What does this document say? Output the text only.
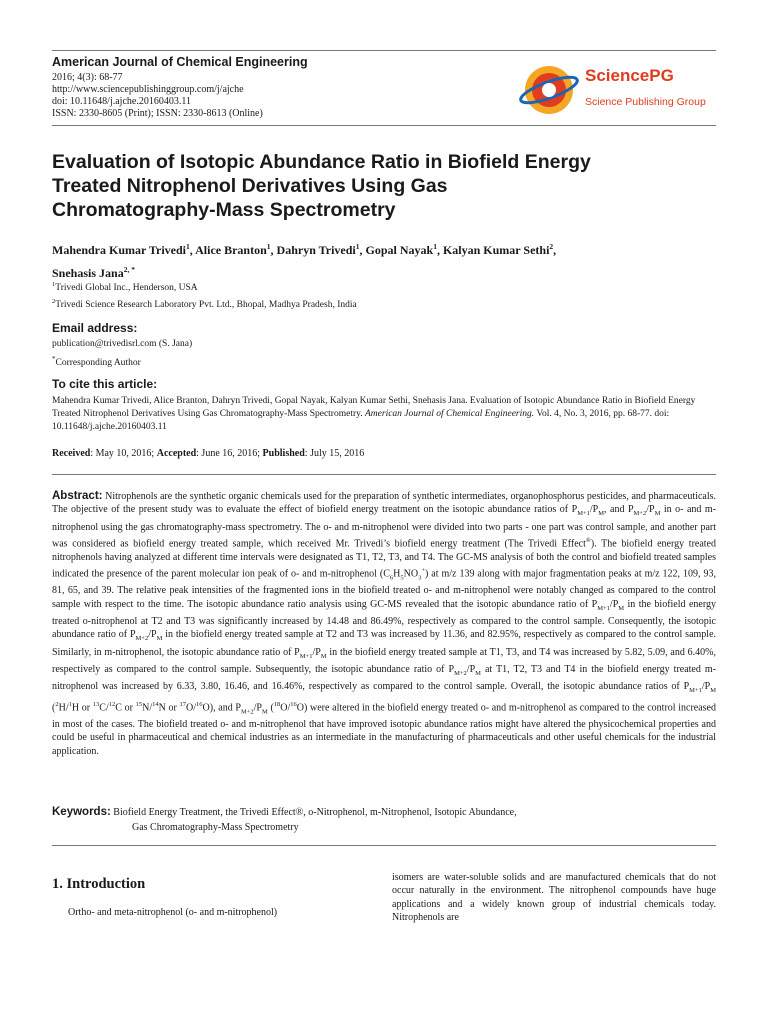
American Journal of Chemical Engineering
2016; 4(3): 68-77
http://www.sciencepublishinggroup.com/j/ajche
doi: 10.11648/j.ajche.20160403.11
ISSN: 2330-8605 (Print); ISSN: 2330-8613 (Online)
SciencePG
Science Publishing Group
Evaluation of Isotopic Abundance Ratio in Biofield Energy
Treated Nitrophenol Derivatives Using Gas
Chromatography-Mass Spectrometry
Mahendra Kumar Trivedi$^1$, Alice Branton$^1$, Dahryn Trivedi$^1$, Gopal Nayak$^1$, Kalyan Kumar Sethi$^2$,
Snehasis Jana$^{2, *}$
$^1$Trivedi Global Inc., Henderson, USA
$^2$Trivedi Science Research Laboratory Pvt. Ltd., Bhopal, Madhya Pradesh, India
Email address:
publication@trivedisrl.com (S. Jana)
*Corresponding Author
To cite this article:
Mahendra Kumar Trivedi, Alice Branton, Dahryn Trivedi, Gopal Nayak, Kalyan Kumar Sethi, Snehasis Jana. Evaluation of Isotopic Abundance Ratio in Biofield Energy Treated Nitrophenol Derivatives Using Gas Chromatography-Mass Spectrometry. American Journal of Chemical Engineering. Vol. 4, No. 3, 2016, pp. 68-77. doi: 10.11648/j.ajche.20160403.11
Received: May 10, 2016; Accepted: June 16, 2016; Published: July 15, 2016
Abstract: Nitrophenols are the synthetic organic chemicals used for the preparation of synthetic intermediates, organophosphorus pesticides, and pharmaceuticals. The objective of the present study was to evaluate the effect of biofield energy treatment on the isotopic abundance ratios of $P_{M+1}/P_M$, and $P_{M+2}/P_M$ in o- and m-nitrophenol using the gas chromatography-mass spectrometry. The o- and m-nitrophenol were divided into two parts - one part was control sample, and another part was considered as biofield energy treated sample, which received Mr. Trivedi’s biofield energy treatment (The Trivedi Effect®). The biofield energy treated nitrophenols having analyzed at different time intervals were designated as T1, T2, T3, and T4. The GC-MS analysis of both the control and biofield treated samples indicated the presence of the parent molecular ion peak of o- and m-nitrophenol $(C_6H_5NO_3^+)$ at m/z 139 along with major fragmentation peaks at m/z 122, 109, 93, 81, 65, and 39. The relative peak intensities of the fragmented ions in the biofield treated o- and m-nitrophenol were notably changed as compared to the control sample with respect to the time. The isotopic abundance ratio analysis using GC-MS revealed that the isotopic abundance ratio of $P_{M+1}/P_M$ in the biofield energy treated o-nitrophenol at T2 and T3 was significantly increased by 14.48 and 86.49%, respectively as compared to the control sample. Consequently, the isotopic abundance ratio of $P_{M+2}/P_M$ in the biofield energy treated sample at T2 and T3 was increased by 11.36, and 82.95%, respectively as compared to the control sample. Similarly, in m-nitrophenol, the isotopic abundance ratio of $P_{M+1}/P_M$ in the biofield energy treated sample at T1, T3, and T4 was increased by 5.82, 5.09, and 6.40%, respectively as compared to the control sample. Subsequently, the isotopic abundance ratio of $P_{M+2}/P_M$ at T1, T2, T3 and T4 in the biofield energy treated m-nitrophenol was increased by 6.33, 3.80, 16.46, and 16.46%, respectively as compared to the control sample. Overall, the isotopic abundance ratios of $P_{M+1}/P_M$ ($^2$H/$^1$H or $^{13}$C/$^{12}$C or $^{15}$N/$^{14}$N or $^{17}$O/$^{16}$O), and $P_{M+2}/P_M$ ($^{18}$O/$^{16}$O) were altered in the biofield energy treated o- and m-nitrophenol as compared to the control increased in most of the cases. The biofield treated o- and m-nitrophenol that have improved isotopic abundance ratios might have altered the physicochemical properties and could be useful in pharmaceutical and chemical industries as an intermediate in the manufacturing of pharmaceuticals and other useful chemicals for the industrial application.
Keywords: Biofield Energy Treatment, the Trivedi Effect®, o-Nitrophenol, m-Nitrophenol, Isotopic Abundance,
Gas Chromatography-Mass Spectrometry
1. Introduction
Ortho- and meta-nitrophenol (o- and m-nitrophenol)
isomers are water-soluble solids and are manufactured chemicals that do not occur naturally in the environment. The nitrophenol compounds have huge applications and a widely known group of industrial chemicals today. Nitrophenols are
